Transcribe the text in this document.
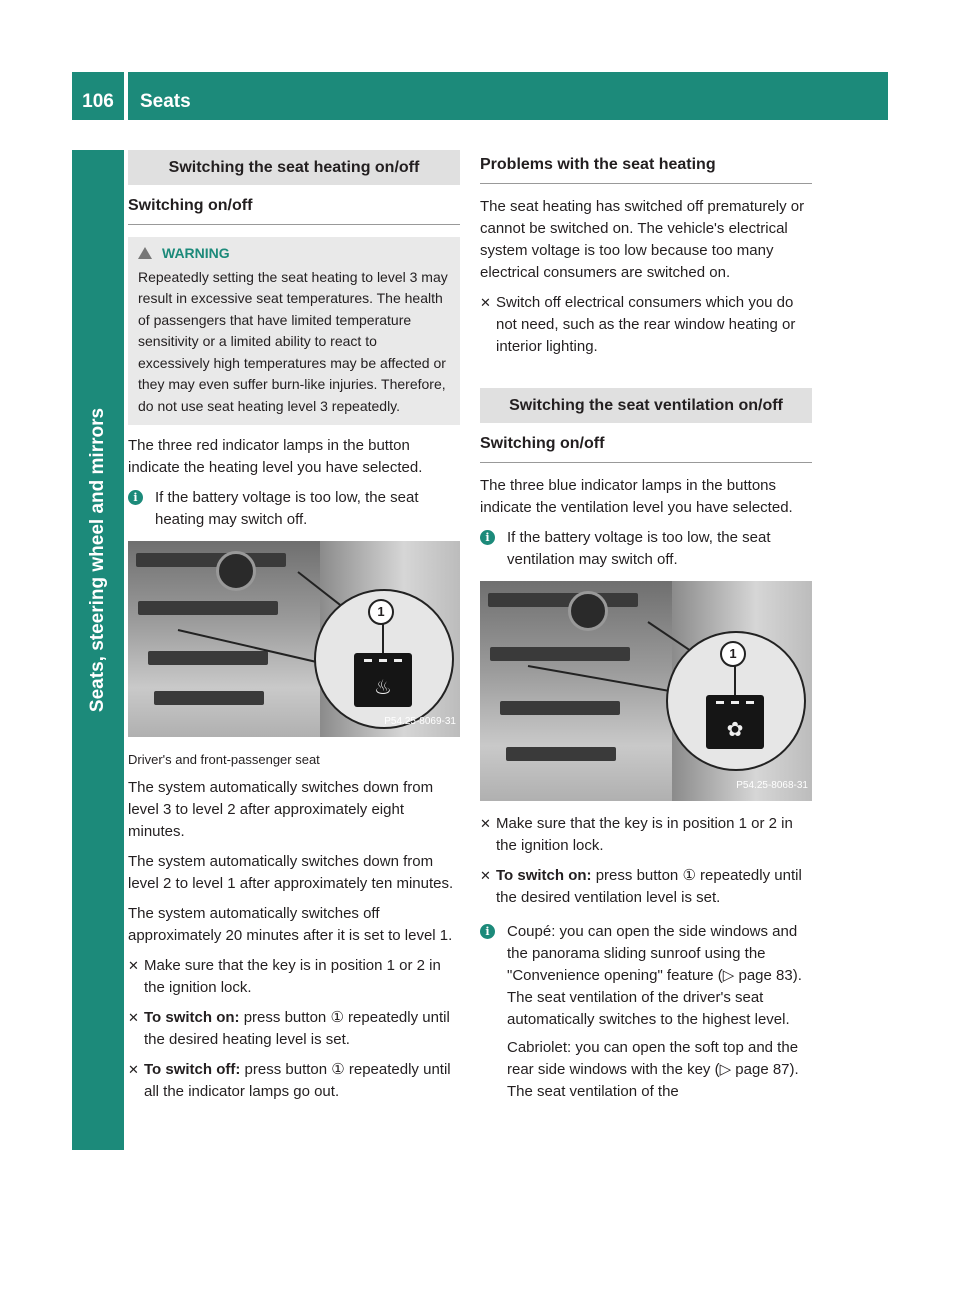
106	Seats
Seats, steering wheel and mirrors
Switching the seat heating on/off
Switching on/off
WARNING
Repeatedly setting the seat heating to level 3 may result in excessive seat temperatures. The health of passengers that have limited temperature sensitivity or a limited ability to react to excessively high temperatures may be affected or they may even suffer burn-like injuries. Therefore, do not use seat heating level 3 repeatedly.

The three red indicator lamps in the button indicate the heating level you have selected.

i	If the battery voltage is too low, the seat heating may switch off.
1
♨
P54.25-8069-31
Driver's and front-passenger seat

The system automatically switches down from level 3 to level 2 after approximately eight minutes.

The system automatically switches down from level 2 to level 1 after approximately ten minutes.

The system automatically switches off approximately 20 minutes after it is set to level 1.

✕ Make sure that the key is in position 1 or 2 in the ignition lock.
✕ To switch on: press button ① repeatedly until the desired heating level is set.
✕ To switch off: press button ① repeatedly until all the indicator lamps go out.
Problems with the seat heating

The seat heating has switched off prematurely or cannot be switched on. The vehicle's electrical system voltage is too low because too many electrical consumers are switched on.

✕ Switch off electrical consumers which you do not need, such as the rear window heating or interior lighting.
Switching the seat ventilation on/off
Switching on/off

The three blue indicator lamps in the buttons indicate the ventilation level you have selected.

i	If the battery voltage is too low, the seat ventilation may switch off.
1
✿
P54.25-8068-31
✕ Make sure that the key is in position 1 or 2 in the ignition lock.
✕ To switch on: press button ① repeatedly until the desired ventilation level is set.
i	Coupé: you can open the side windows and the panorama sliding sunroof using the "Convenience opening" feature (▷ page 83). The seat ventilation of the driver's seat automatically switches to the highest level.
Cabriolet: you can open the soft top and the rear side windows with the key (▷ page 87). The seat ventilation of the
